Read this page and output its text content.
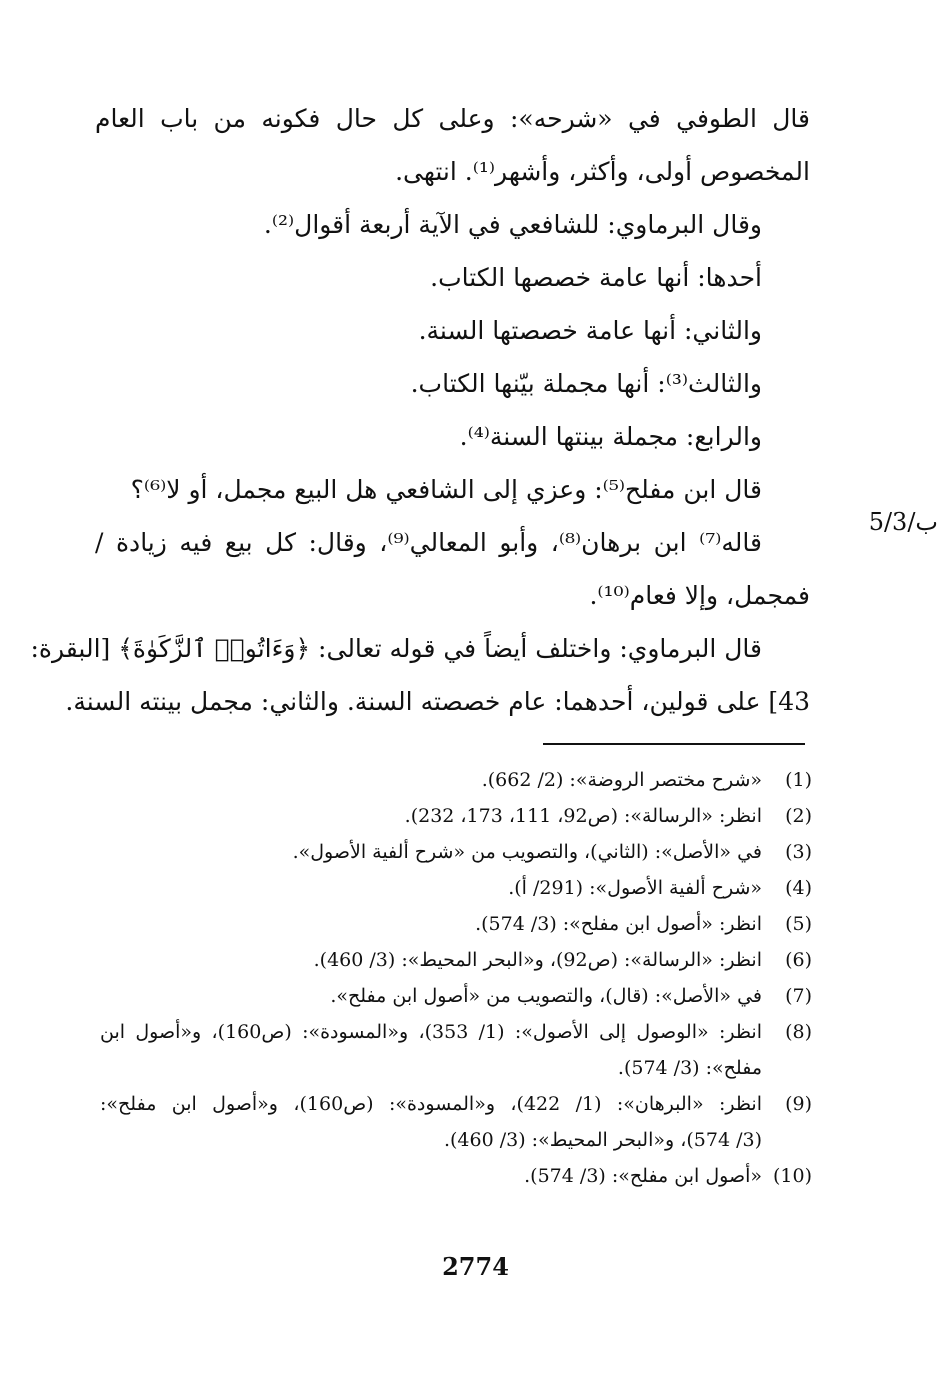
قال الطوفي في «شرحه»: وعلى كل حال فكونه من باب العام
المخصوص أولى، وأكثر، وأشهر⁽¹⁾. انتهى.
وقال البرماوي: للشافعي في الآية أربعة أقوال⁽²⁾.
أحدها: أنها عامة خصصها الكتاب.
والثاني: أنها عامة خصصتها السنة.
والثالث⁽³⁾: أنها مجملة بيّنها الكتاب.
والرابع: مجملة بينتها السنة⁽⁴⁾.
قال ابن مفلح⁽⁵⁾: وعزي إلى الشافعي هل البيع مجمل، أو لا⁽⁶⁾؟
قاله⁽⁷⁾ ابن برهان⁽⁸⁾، وأبو المعالي⁽⁹⁾، وقال: كل بيع فيه زيادة /
فمجمل، وإلا فعام⁽¹⁰⁾.
قال البرماوي: واختلف أيضاً في قوله تعالى: ﴿وَءَاتُوا۟ ٱلزَّكَوٰةَ﴾ [البقرة:
43] على قولين، أحدهما: عام خصصته السنة. والثاني: مجمل بينته السنة.
ب/5/3
(1)
«شرح مختصر الروضة»: (2/ 662).
(2)
انظر: «الرسالة»: (ص92، 111، 173، 232).
(3)
في «الأصل»: (الثاني)، والتصويب من «شرح ألفية الأصول».
(4)
«شرح ألفية الأصول»: (291/ أ).
(5)
انظر: «أصول ابن مفلح»: (3/ 574).
(6)
انظر: «الرسالة»: (ص92)، و«البحر المحيط»: (3/ 460).
(7)
في «الأصل»: (قال)، والتصويب من «أصول ابن مفلح».
(8)
انظر: «الوصول إلى الأصول»: (1/ 353)، و«المسودة»: (ص160)، و«أصول ابن
مفلح»: (3/ 574).
(9)
انظر: «البرهان»: (1/ 422)، و«المسودة»: (ص160)، و«أصول ابن مفلح»:
(3/ 574)، و«البحر المحيط»: (3/ 460).
(10)
«أصول ابن مفلح»: (3/ 574).
2774
